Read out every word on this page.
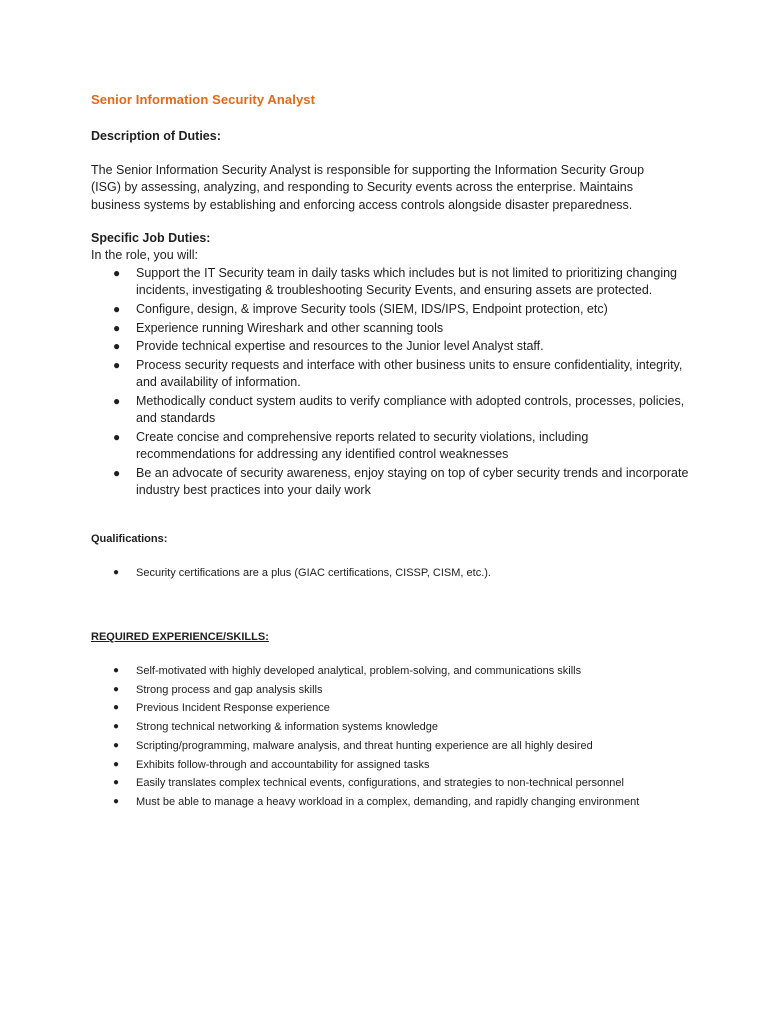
Senior Information Security Analyst
Description of Duties:
The Senior Information Security Analyst is responsible for supporting the Information Security Group (ISG) by assessing, analyzing, and responding to Security events across the enterprise. Maintains business systems by establishing and enforcing access controls alongside disaster preparedness.
Specific Job Duties:
In the role, you will:
● Support the IT Security team in daily tasks which includes but is not limited to prioritizing changing incidents, investigating & troubleshooting Security Events, and ensuring assets are protected.
● Configure, design, & improve Security tools (SIEM, IDS/IPS, Endpoint protection, etc)
● Experience running Wireshark and other scanning tools
● Provide technical expertise and resources to the Junior level Analyst staff.
● Process security requests and interface with other business units to ensure confidentiality, integrity, and availability of information.
● Methodically conduct system audits to verify compliance with adopted controls, processes, policies, and standards
● Create concise and comprehensive reports related to security violations, including recommendations for addressing any identified control weaknesses
● Be an advocate of security awareness, enjoy staying on top of cyber security trends and incorporate industry best practices into your daily work
Qualifications:
● Security certifications are a plus (GIAC certifications, CISSP, CISM, etc.).
REQUIRED EXPERIENCE/SKILLS:
● Self-motivated with highly developed analytical, problem-solving, and communications skills
● Strong process and gap analysis skills
● Previous Incident Response experience
● Strong technical networking & information systems knowledge
● Scripting/programming, malware analysis, and threat hunting experience are all highly desired
● Exhibits follow-through and accountability for assigned tasks
● Easily translates complex technical events, configurations, and strategies to non-technical personnel
● Must be able to manage a heavy workload in a complex, demanding, and rapidly changing environment
